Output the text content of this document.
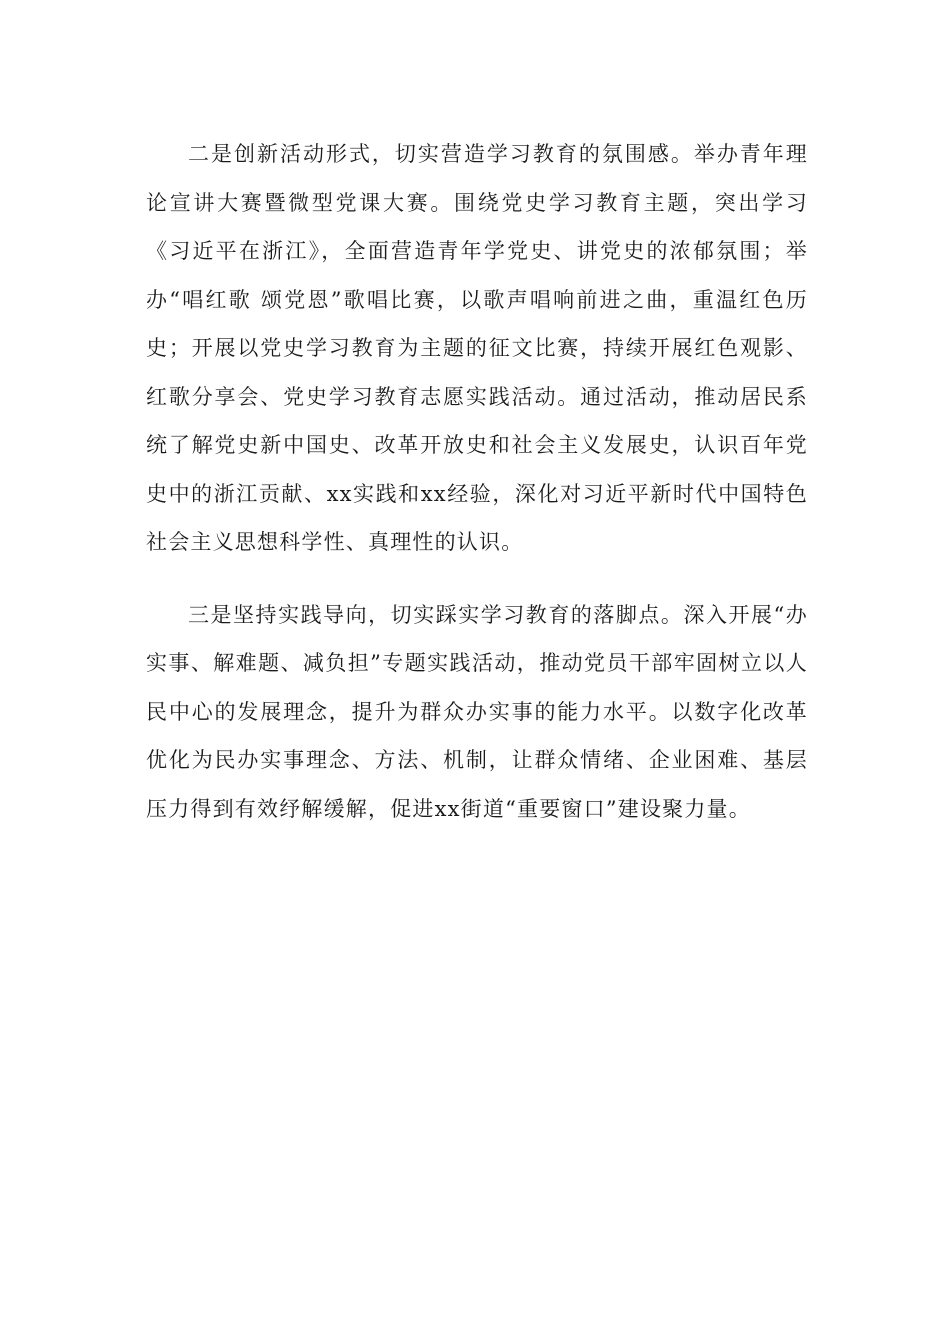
二是创新活动形式，切实营造学习教育的氛围感。举办青年理论宣讲大赛暨微型党课大赛。围绕党史学习教育主题，突出学习《习近平在浙江》，全面营造青年学党史、讲党史的浓郁氛围；举办“唱红歌 颂党恩”歌唱比赛，以歌声唱响前进之曲，重温红色历史；开展以党史学习教育为主题的征文比赛，持续开展红色观影、红歌分享会、党史学习教育志愿实践活动。通过活动，推动居民系统了解党史新中国史、改革开放史和社会主义发展史，认识百年党史中的浙江贡献、xx实践和xx经验，深化对习近平新时代中国特色社会主义思想科学性、真理性的认识。

三是坚持实践导向，切实踩实学习教育的落脚点。深入开展“办实事、解难题、减负担”专题实践活动，推动党员干部牢固树立以人民中心的发展理念，提升为群众办实事的能力水平。以数字化改革优化为民办实事理念、方法、机制，让群众情绪、企业困难、基层压力得到有效纾解缓解，促进xx街道“重要窗口”建设聚力量。
